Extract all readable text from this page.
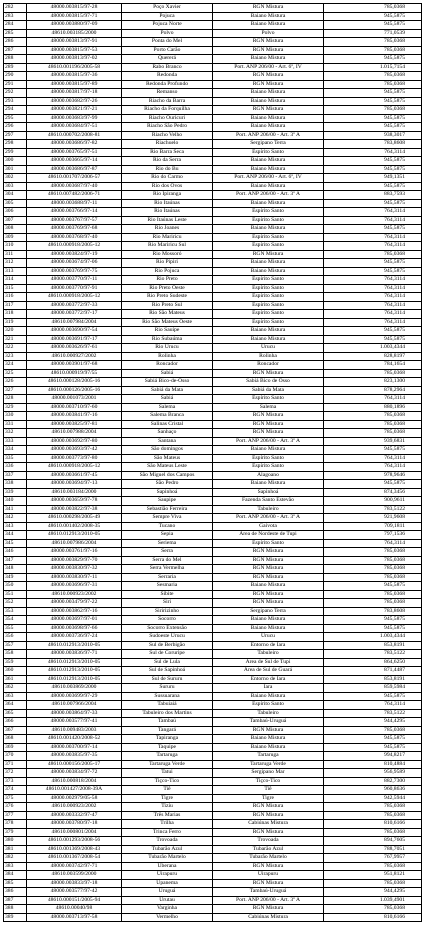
282	48000.003815/97-28	Poço Xavier	RGN Mistura	785,0368
283	48000.003815/97-71	Pojuca	Baiano Mistura	945,5875
284	48000.003880/97-09	Pojuca Norte	Baiano Mistura	945,5875
285	48610.003185/2000	Polvo	Polvo	771,0539
286	48000.003813/97-91	Ponta do Mel	RGN Mistura	785,0368
287	48000.003815/97-53	Porto Carão	RGN Mistura	785,0368
288	48000.003813/97-02	Quererá	Baiano Mistura	945,5875
289	48610.001196/2005-58	Rabo Branco	Port. ANP 206/00 - Art. 6º, IV	1.015,7154
290	48000.003815/97-36	Redonda	RGN Mistura	785,0368
291	48000.003815/97-89	Redonda Profundo	RGN Mistura	785,0368
292	48000.003817/97-18	Remanso	Baiano Mistura	945,5875
293	48000.003682/97-26	Riacho da Barra	Baiano Mistura	945,5875
294	48000.003821/97-21	Riacho da Forquilha	RGN Mistura	785,0368
295	48000.003683/97-99	Riacho Ouricuri	Baiano Mistura	945,5875
296	48000.003684/97-51	Riacho São Pedro	Baiano Mistura	945,5875
297	48610.000702/2008-81	Riacho Velho	Port. ANP 206/00 - Art. 3º A	938,3017
298	48000.003686/97-82	Riachuelo	Sergipano Terra	783,8608
299	48000.003765/97-51	Rio Barra Seca	Espírito Santo	764,3114
300	48000.003665/97-14	Rio da Serra	Baiano Mistura	945,5875
301	48000.003686/97-87	Rio do Bu	Baiano Mistura	945,5875
302	48610.001707/2006-57	Rio do Carmo	Port. ANP 206/00 - Art. 6º, IV	949,1351
303	48000.003687/97-40	Rio dos Ovos	Baiano Mistura	945,5875
304	48610.007482/2006-71	Rio Ipiranga	Port. ANP 206/00 - Art. 3º A	883,7593
305	48000.003688/97-11	Rio Itaúnas	Baiano Mistura	945,5875
306	48000.003766/97-14	Rio Itaúnas	Espírito Santo	764,3114
307	48000.003767/97-57	Rio Itaúnas Leste	Espírito Santo	764,3114
308	48000.003769/97-68	Rio Joanes	Baiano Mistura	945,5875
309	48000.003768/97-40	Rio Mariricu	Espírito Santo	764,3114
310	48610.000918/2005-12	Rio Mariricu Sul	Espírito Santo	764,3114
311	48000.003824/97-19	Rio Mossoró	RGN Mistura	785,0368
312	48000.003674/97-06	Rio Pipiri	Baiano Mistura	945,5875
313	48000.003769/97-75	Rio Pojuca	Baiano Mistura	945,5875
314	48000.003770/97-11	Rio Preto	Espírito Santo	764,3114
315	48000.003770/97-91	Rio Preto Oeste	Espírito Santo	764,3114
316	48610.000918/2005-12	Rio Preto Sudeste	Espírito Santo	764,3114
317	48000.003772/97-33	Rio Preto Sul	Espírito Santo	764,3114
318	48000.003772/97-17	Rio São Mateus	Espírito Santo	764,3114
319	48610.007984/2004	Rio São Mateus Oeste	Espírito Santo	764,3114
320	48000.003690/97-54	Rio Sauípe	Baiano Mistura	945,5875
321	48000.003691/97-17	Rio Subaúma	Baiano Mistura	945,5875
322	48000.003626/97-61	Rio Urucu	Urucu	1.003,4344
323	48610.000927/2002	Rolinha	Rolinha	828,8197
324	48000.003901/97-68	Roncador	Roncador	784,1654
325	48610.000919/97/55	Sabiá	RGN Mistura	785,0368
326	48610.000128/2005-16	Sabiá Bico-de-Osso	Sabiá Bico de Osso	823,1300
327	48610.000126/2005-16	Sabiá da Mata	Sabiá da Mata	878,2964
328	48000.001073/2001	Sabiá	Espírito Santo	764,3114
329	48000.003710/97-60	Salema	Salema	880,1896
330	48000.003841/97-16	Salema Branca	RGN Mistura	785,0368
331	48000.003825/97-81	Salinas Cristal	RGN Mistura	785,0368
332	48610.007988/2004	Sanhaço	RGN Mistura	785,0368
333	48000.003692/97-80	Santana	Port. ANP 206/00 - Art. 3º A	939,6831
334	48000.003693/97-42	São domingos	Baiano Mistura	945,5875
335	48000.003773/97-80	São Mateus	Espírito Santo	764,3114
336	48610.000918/2005-12	São Mateus Leste	Espírito Santo	764,3114
337	48000.003661/97-45	São Miguel dos Campos	Alagoano	978,9646
338	48000.003694/97-13	São Pedro	Baiano Mistura	945,5875
339	48610.003184/2000	Sapinhoá	Sapinhoá	874,3456
340	48000.003659/97-78	Saupipe	Fazenda Santo Estevão	900,9611
341	48000.003822/97-38	Sebastião Ferreira	Tabuleiro	783,5122
342	48610.000298/2005-49	Sempre Viva	Port. ANP 206/00 - Art. 3º A	921,9608
343	48610.001402/2008-35	Tucano	Gaivota	709,1811
344	48610.012913/2010-05	Sepia	Área de Nordeste de Tupi	797,1536
345	48610.007986/2004	Seriema	Espírito Santo	764,3114
346	48000.003761/97-16	Serra	RGN Mistura	785,0368
347	48000.003829/97-70	Serra do Mel	RGN Mistura	785,0368
348	48000.003830/97-32	Serra Vermelha	RGN Mistura	785,0368
349	48000.003830/97-11	Serraria	RGN Mistura	785,0368
350	48000.003696/97-31	Sesmaria	Baiano Mistura	945,5875
351	48610.000923/2002	Sibite	RGN Mistura	785,0368
352	48000.003479/97-22	Siri	RGN Mistura	785,0368
353	48000.003862/97-16	Siririzinho	Sergipano Terra	783,8608
354	48000.003697/97-01	Socorro	Baiano Mistura	945,5875
355	48000.003698/97-66	Socorro Extensão	Baiano Mistura	945,5875
356	48000.003736/97-24	Sudoeste Urucu	Urucu	1.003,4344
357	48610.012913/2010-05	Sul de Berbigão	Entorno de Iara	853,8191
358	48000.003836/97-71	Sul de Coruripe	Tabuleiro	783,5122
359	48610.012913/2010-05	Sul de Lula	Área de Sul de Tupi	864,6250
360	48610.012913/2010-05	Sul de Sapinhoá	Área de Sul de Guará	871,4487
361	48610.012913/2010-05	Sul de Sururu	Entorno de Iara	853,8191
362	48610.003869/2000	Sururu	Iara	859,5984
363	48000.003699/97-29	Sussuarana	Baiano Mistura	945,5875
364	48610.007966/2004	Tabuiaiá	Espírito Santo	764,3114
365	48000.003864/97-33	Tabuleiro dos Martins	Tabuleiro	783,5122
366	48000.003577/97-41	Tambaú	Tambaú-Uruguá	944,4295
367	48610.009483/2003	Tangará	RGN Mistura	785,0368
368	48610.001420/2008-52	Tapiranga	Baiano Mistura	945,5875
369	48000.003700/97-14	Taquipe	Baiano Mistura	945,5875
370	48000.003835/97-35	Tartaruga	Tartaruga	994,8217
371	48610.000156/2005-17	Tartaruga Verde	Tartaruga Verde	810,4884
372	48000.003834/97-72	Tatui	Sergipano Mar	956,9589
373	48610.000818/2004	Tiçco-Tico	Tiçco-Tico	882,7300
374	48610.001427/2008-39A	Tiê	Tiê	960,8636
375	48000.002979/05-58	Tigre	Tigre	942,5944
376	48610.000923/2002	Tizíu	RGN Mistura	785,0368
377	48000.003332/97-47	Três Marias	RGN Mistura	785,0368
378	48000.003780/97-18	Trilha	Cabiúnas Mistura	810,6166
379	48610.000801/2004	Trinca Ferro	RGN Mistura	785,0368
380	48610.001293/2008-56	Trovoada	Trovoada	894,7605
381	48610.001369/2008-43	Tubarão Azul	Tubarão Azul	788,7051
382	48610.001367/2008-54	Tubarão Martelo	Tubarão Martelo	767,9957
383	48000.003742/97-71	Uberana	RGN Mistura	785,0368
384	48610.003599/2000	Uirapuru	Uirapuru	951,8121
385	48000.003833/97-18	Upanema	RGN Mistura	785,0368
386	48000.003577/97-42	Uruguá	Tambaú-Uruguá	944,4295
387	48610.000151/2005-94	Urutau	Port. ANP 206/00 - Art. 3º A	1.039,4901
388	48610.00040/98	Varginha	RGN Mistura	785,0368
389	48000.003713/97-58	Vermelho	Cabiúnas Mistura	810,6166
